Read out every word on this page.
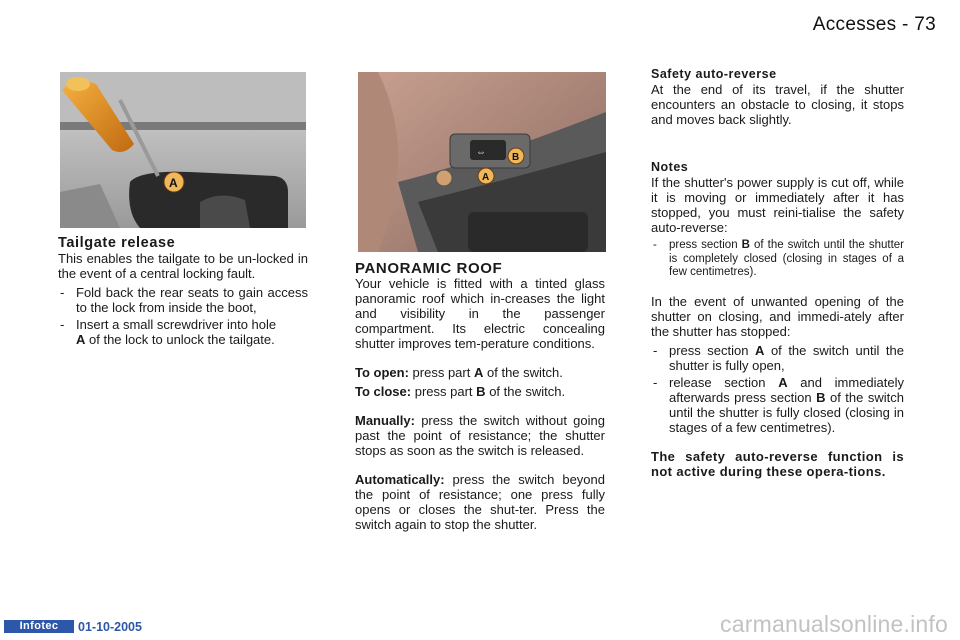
Accesses - 73
A

Tailgate release

This enables the tailgate to be un-locked in the event of a central locking fault.

- Fold back the rear seats to gain access to the lock from inside the boot,
- Insert a small screwdriver into hole
A of the lock to unlock the tailgate.
⇔	B
A

PANORAMIC ROOF

Your vehicle is fitted with a tinted glass panoramic roof which in-creases the light and visibility in the passenger compartment. Its electric concealing shutter improves tem-perature conditions.

To open: press part A of the switch.

To close: press part B of the switch.

Manually: press the switch without going past the point of resistance; the shutter stops as soon as the switch is released.

Automatically: press the switch beyond the point of resistance; one press fully opens or closes the shut-ter. Press the switch again to stop the shutter.

Safety auto-reverse

At the end of its travel, if the shutter encounters an obstacle to closing, it stops and moves back slightly.

Notes

If the shutter's power supply is cut off, while it is moving or immediately after it has stopped, you must reini-tialise the safety auto-reverse:

- press section B of the switch until the shutter is completely closed (closing in stages of a few centimetres).

In the event of unwanted opening of the shutter on closing, and immedi-ately after the shutter has stopped:

- press section A of the switch until the shutter is fully open,
- release section A and immediately afterwards press section B of the switch until the shutter is fully closed (closing in stages of a few centimetres).

The safety auto-reverse function is not active during these opera-tions.

Infotec	01-10-2005	carmanualsonline.info
